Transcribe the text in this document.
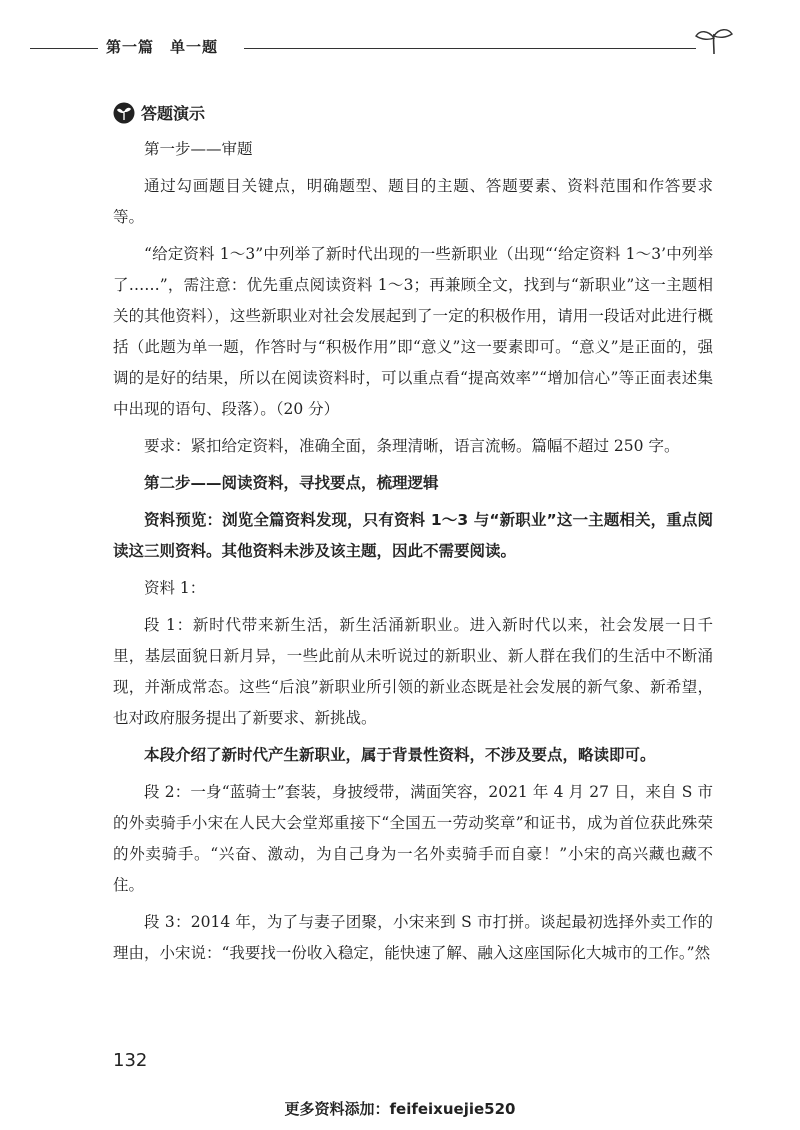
第一篇　单一题
答题演示

第一步——审题

通过勾画题目关键点，明确题型、题目的主题、答题要素、资料范围和作答要求等。

“给定资料 1～3”中列举了新时代出现的一些新职业（出现“‘给定资料 1～3’中列举了……”，需注意：优先重点阅读资料 1～3；再兼顾全文，找到与“新职业”这一主题相关的其他资料），这些新职业对社会发展起到了一定的积极作用，请用一段话对此进行概括（此题为单一题，作答时与“积极作用”即“意义”这一要素即可。“意义”是正面的，强调的是好的结果，所以在阅读资料时，可以重点看“提高效率”“增加信心”等正面表述集中出现的语句、段落）。（20 分）

要求：紧扣给定资料，准确全面，条理清晰，语言流畅。篇幅不超过 250 字。

第二步——阅读资料，寻找要点，梳理逻辑

资料预览：浏览全篇资料发现，只有资料 1～3 与“新职业”这一主题相关，重点阅读这三则资料。其他资料未涉及该主题，因此不需要阅读。

资料 1：

段 1：新时代带来新生活，新生活涌新职业。进入新时代以来，社会发展一日千里，基层面貌日新月异，一些此前从未听说过的新职业、新人群在我们的生活中不断涌现，并渐成常态。这些“后浪”新职业所引领的新业态既是社会发展的新气象、新希望，也对政府服务提出了新要求、新挑战。

本段介绍了新时代产生新职业，属于背景性资料，不涉及要点，略读即可。

段 2：一身“蓝骑士”套装，身披绶带，满面笑容，2021 年 4 月 27 日，来自 S 市的外卖骑手小宋在人民大会堂郑重接下“全国五一劳动奖章”和证书，成为首位获此殊荣的外卖骑手。“兴奋、激动，为自己身为一名外卖骑手而自豪！”小宋的高兴藏也藏不住。

段 3：2014 年，为了与妻子团聚，小宋来到 S 市打拼。谈起最初选择外卖工作的理由，小宋说：“我要找一份收入稳定，能快速了解、融入这座国际化大城市的工作。”然

132
更多资料添加：feifeixuejie520
